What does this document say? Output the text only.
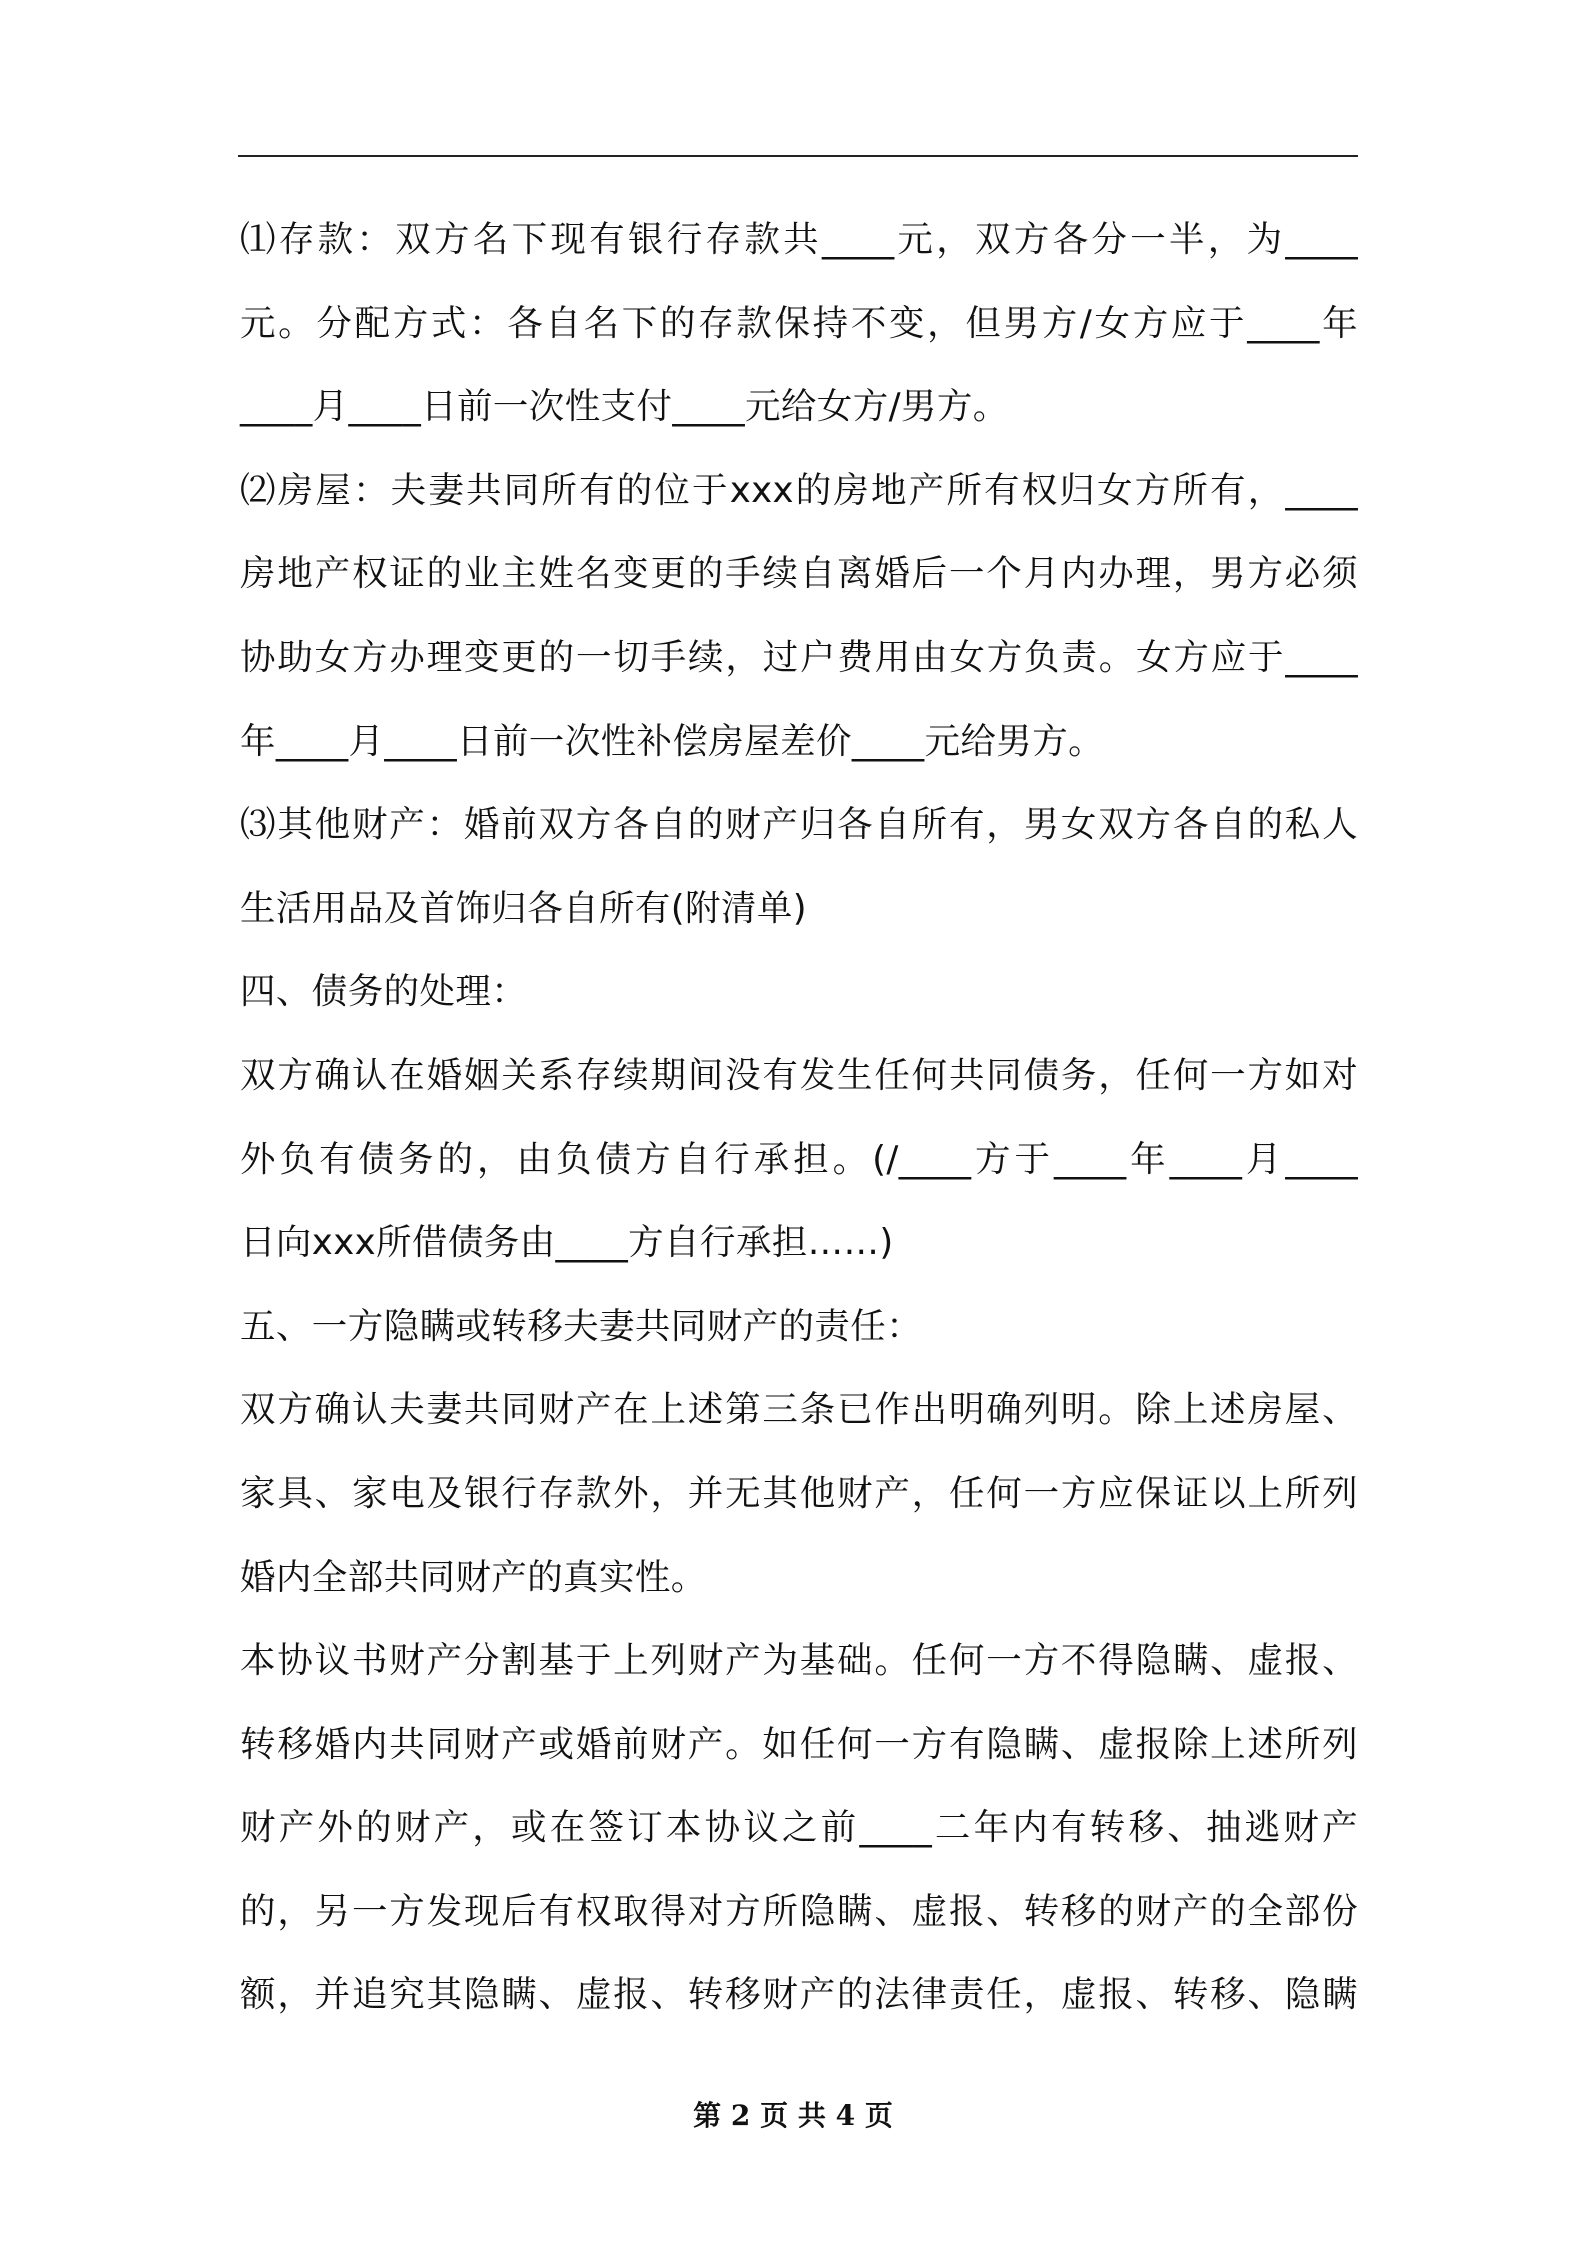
⑴存款：双方名下现有银行存款共____元，双方各分一半，为____
元。分配方式：各自名下的存款保持不变，但男方/女方应于____年
____月____日前一次性支付____元给女方/男方。
⑵房屋：夫妻共同所有的位于xxx的房地产所有权归女方所有，____
房地产权证的业主姓名变更的手续自离婚后一个月内办理，男方必须
协助女方办理变更的一切手续，过户费用由女方负责。女方应于____
年____月____日前一次性补偿房屋差价____元给男方。
⑶其他财产：婚前双方各自的财产归各自所有，男女双方各自的私人
生活用品及首饰归各自所有(附清单)
四、债务的处理：
双方确认在婚姻关系存续期间没有发生任何共同债务，任何一方如对
外负有债务的，由负债方自行承担。(/____方于____年____月____
日向xxx所借债务由____方自行承担……)
五、一方隐瞒或转移夫妻共同财产的责任：
双方确认夫妻共同财产在上述第三条已作出明确列明。除上述房屋、
家具、家电及银行存款外，并无其他财产，任何一方应保证以上所列
婚内全部共同财产的真实性。
本协议书财产分割基于上列财产为基础。任何一方不得隐瞒、虚报、
转移婚内共同财产或婚前财产。如任何一方有隐瞒、虚报除上述所列
财产外的财产，或在签订本协议之前____二年内有转移、抽逃财产
的，另一方发现后有权取得对方所隐瞒、虚报、转移的财产的全部份
额，并追究其隐瞒、虚报、转移财产的法律责任，虚报、转移、隐瞒
第 2 页 共 4 页
